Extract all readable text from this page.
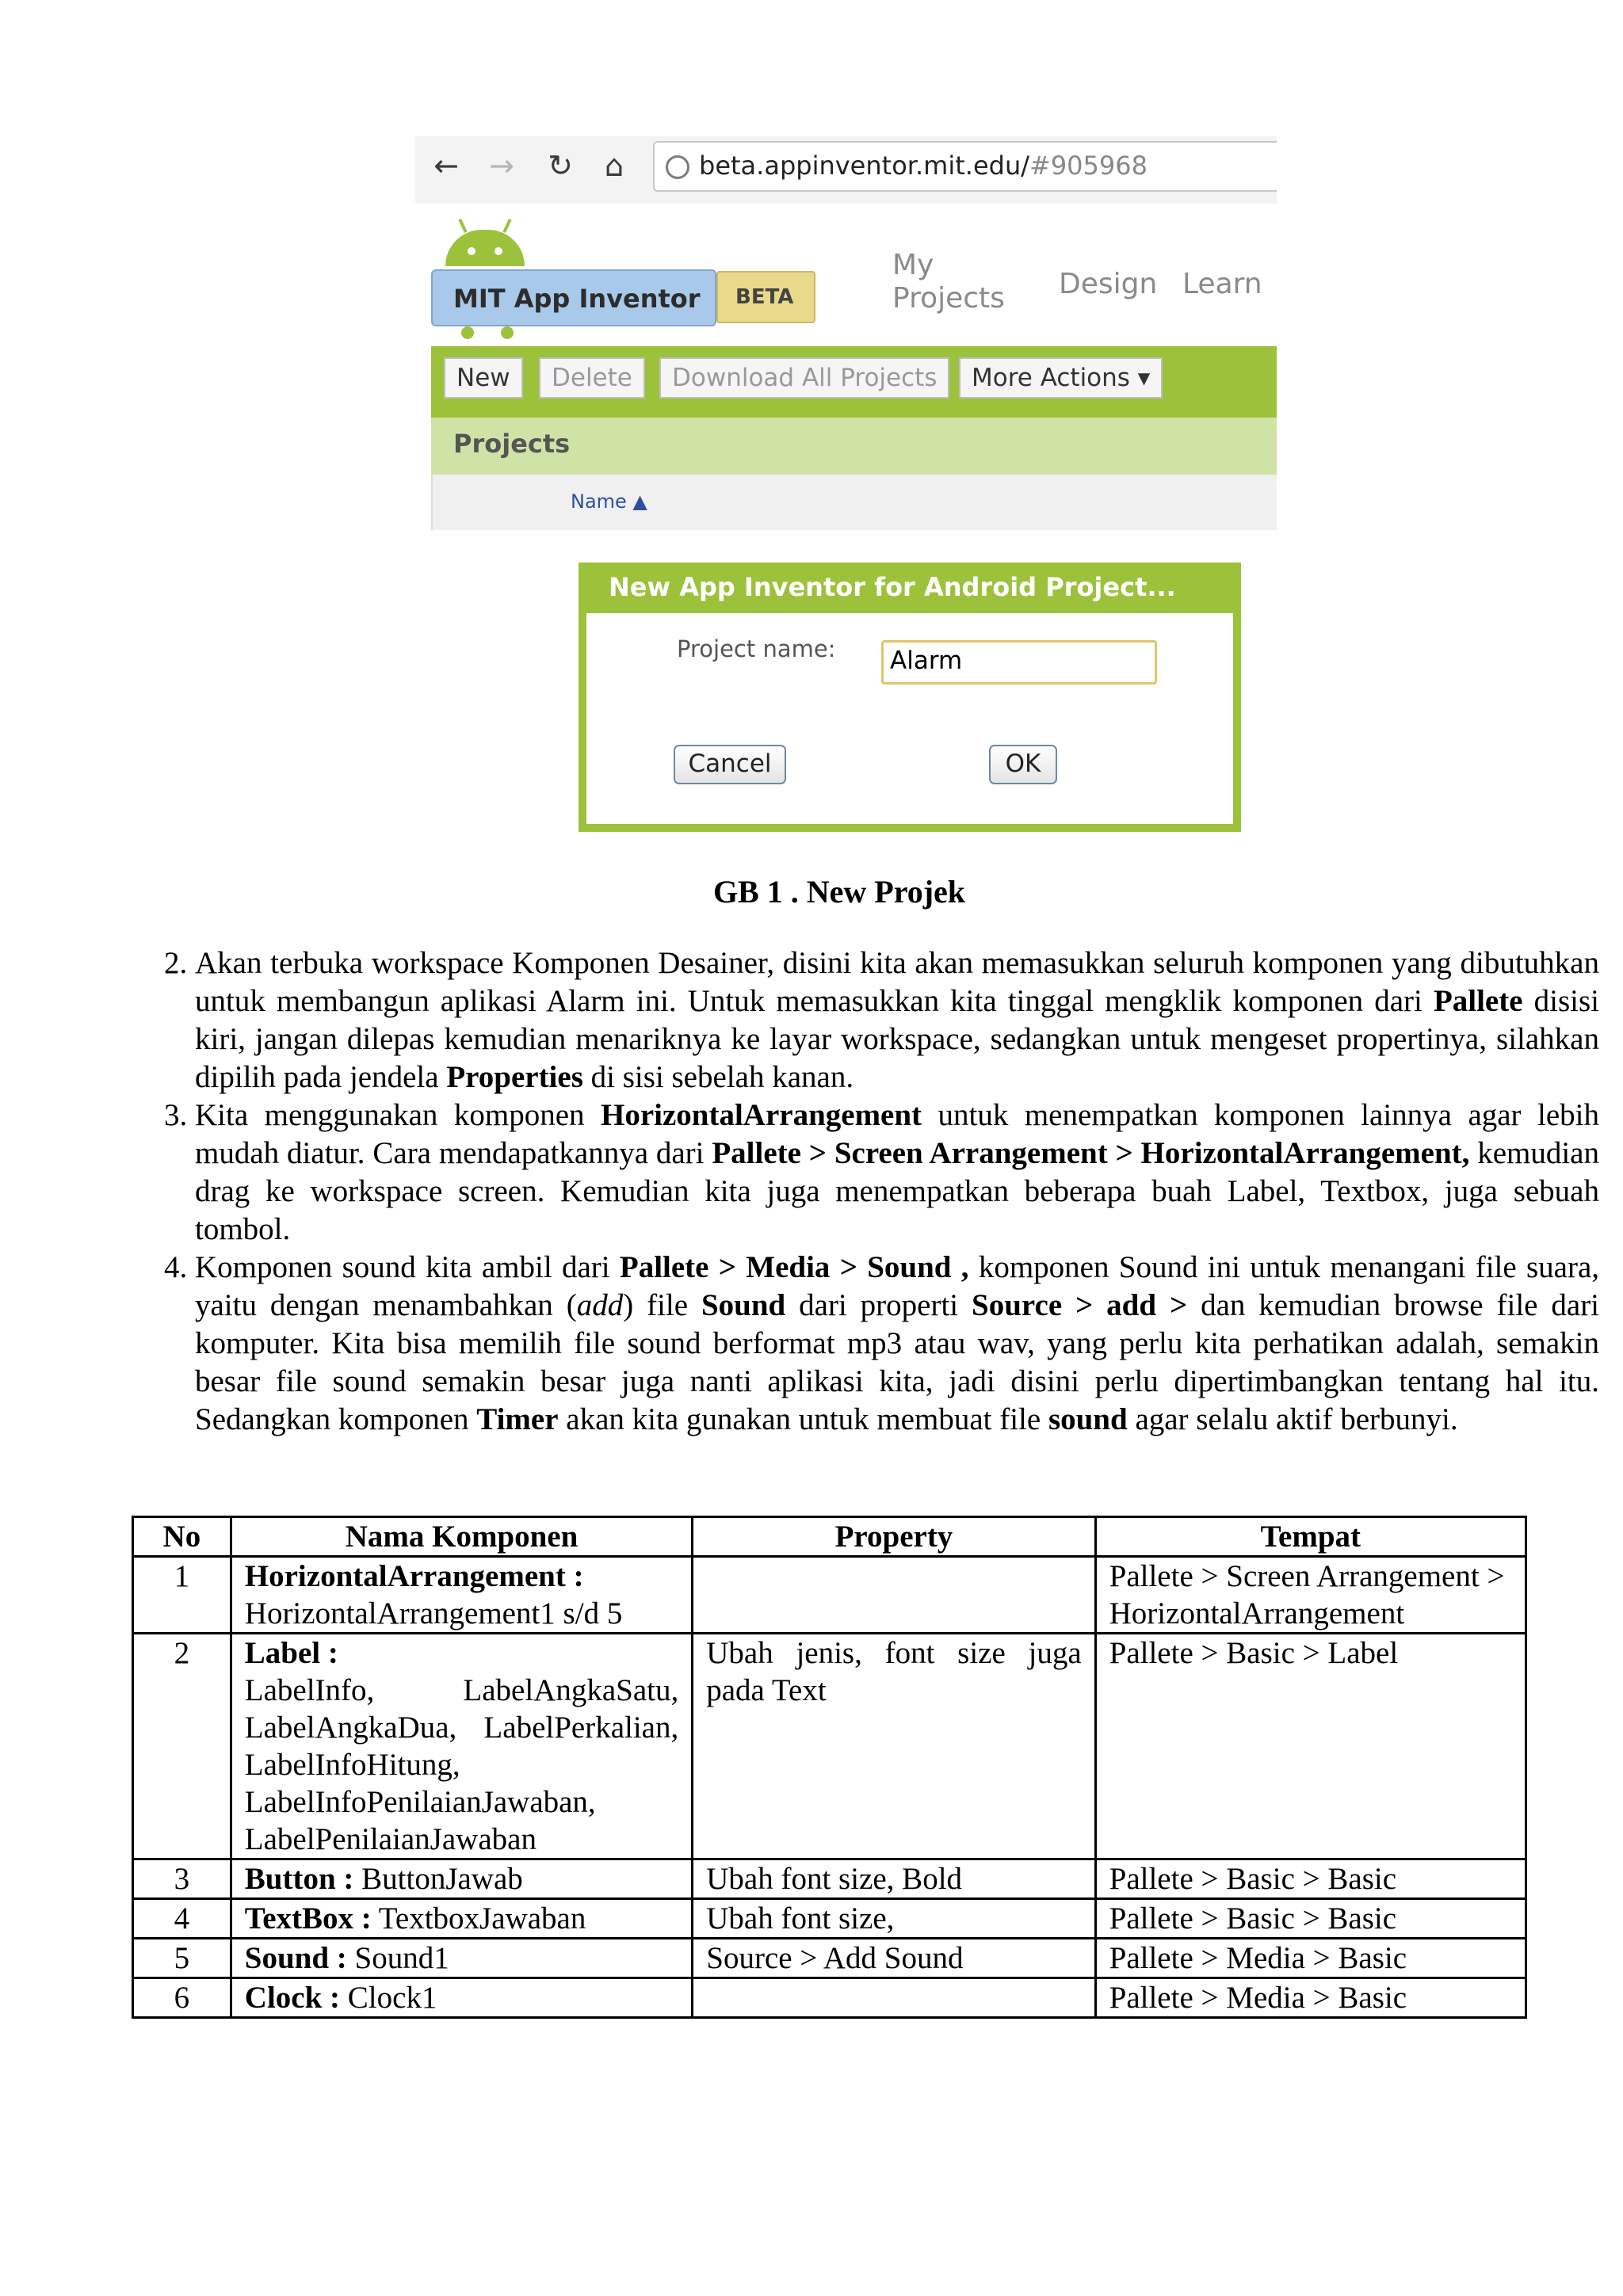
← → ↻ ⌂	beta.appinventor.mit.edu/#905968
MIT App Inventor BETA
My
Projects Design Learn
New	Delete	Download All Projects	More Actions ▾
Projects
Name ▲
New App Inventor for Android Project...
Project name:	Alarm
Cancel	OK
GB 1 . New Projek
2. Akan terbuka workspace Komponen Desainer, disini kita akan memasukkan seluruh komponen yang dibutuhkan untuk membangun aplikasi Alarm ini. Untuk memasukkan kita tinggal mengklik komponen dari Pallete disisi kiri, jangan dilepas kemudian menariknya ke layar workspace, sedangkan untuk mengeset propertinya, silahkan dipilih pada jendela Properties di sisi sebelah kanan.
3. Kita menggunakan komponen HorizontalArrangement untuk menempatkan komponen lainnya agar lebih mudah diatur. Cara mendapatkannya dari Pallete > Screen Arrangement > HorizontalArrangement, kemudian drag ke workspace screen. Kemudian kita juga menempatkan beberapa buah Label, Textbox, juga sebuah tombol.
4. Komponen sound kita ambil dari Pallete > Media > Sound , komponen Sound ini untuk menangani file suara, yaitu dengan menambahkan (add) file Sound dari properti Source > add > dan kemudian browse file dari komputer. Kita bisa memilih file sound berformat mp3 atau wav, yang perlu kita perhatikan adalah, semakin besar file sound semakin besar juga nanti aplikasi kita, jadi disini perlu dipertimbangkan tentang hal itu. Sedangkan komponen Timer akan kita gunakan untuk membuat file sound agar selalu aktif berbunyi.
No	Nama Komponen	Property	Tempat
1	HorizontalArrangement :
HorizontalArrangement1 s/d 5		Pallete > Screen Arrangement > HorizontalArrangement
2	Label :
LabelInfo, LabelAngkaSatu, LabelAngkaDua, LabelPerkalian, LabelInfoHitung, LabelInfoPenilaianJawaban, LabelPenilaianJawaban	Ubah jenis, font size juga pada Text	Pallete > Basic > Label
3	Button : ButtonJawab	Ubah font size, Bold	Pallete > Basic > Basic
4	TextBox : TextboxJawaban	Ubah font size,	Pallete > Basic > Basic
5	Sound : Sound1	Source > Add Sound	Pallete > Media > Basic
6	Clock : Clock1		Pallete > Media > Basic
